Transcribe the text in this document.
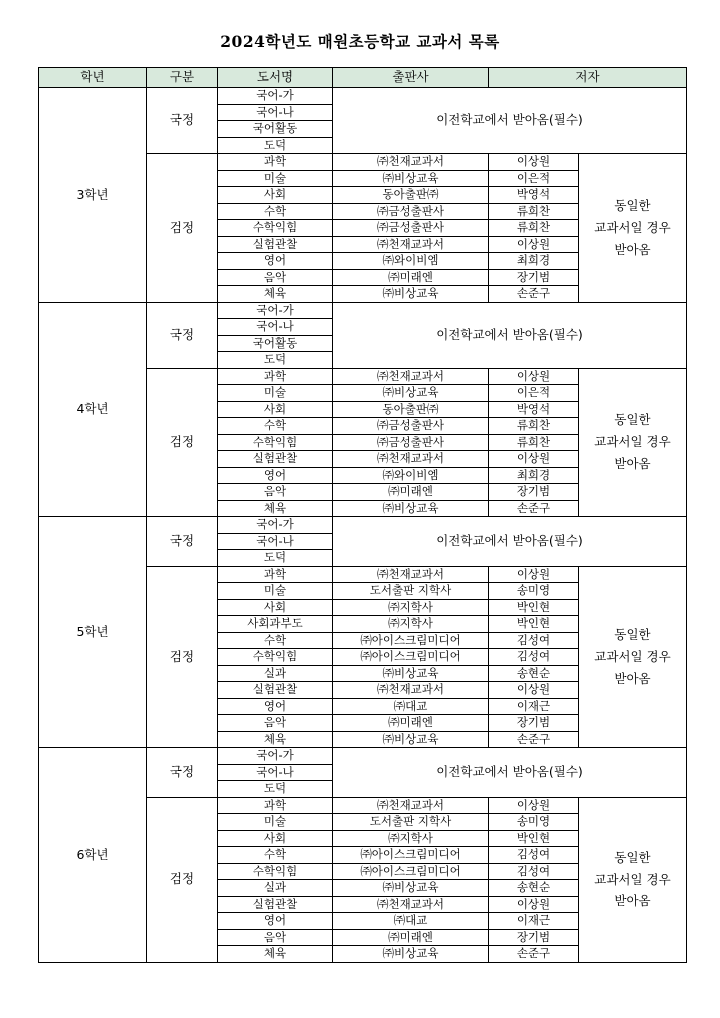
2024학년도 매원초등학교 교과서 목록
학년	구분	도서명	출판사	저자	
3학년	국정	국어-가	이전학교에서 받아옴(필수)		
		국어-나			
		국어활동			
		도덕			
	검정	과학	㈜천재교과서	이상원	동일한
교과서일 경우
받아옴

		미술	㈜비상교육	이은적	
		사회	동아출판㈜	박영석	
		수학	㈜금성출판사	류희찬	
		수학익힘	㈜금성출판사	류희찬	
		실험관찰	㈜천재교과서	이상원	
		영어	㈜와이비엠	최희경	
		음악	㈜미래엔	장기범	
		체육	㈜비상교육	손준구	
4학년	국정	국어-가	이전학교에서 받아옴(필수)		
		국어-나			
		국어활동			
		도덕			
	검정	과학	㈜천재교과서	이상원	동일한
교과서일 경우
받아옴

		미술	㈜비상교육	이은적	
		사회	동아출판㈜	박영석	
		수학	㈜금성출판사	류희찬	
		수학익힘	㈜금성출판사	류희찬	
		실험관찰	㈜천재교과서	이상원	
		영어	㈜와이비엠	최희경	
		음악	㈜미래엔	장기범	
		체육	㈜비상교육	손준구	
5학년	국정	국어-가	이전학교에서 받아옴(필수)		
		국어-나			
		도덕			
	검정	과학	㈜천재교과서	이상원	동일한
교과서일 경우
받아옴

		미술	도서출판 지학사	송미영	
		사회	㈜지학사	박인현	
		사회과부도	㈜지학사	박인현	
		수학	㈜아이스크림미디어	김성여	
		수학익힘	㈜아이스크림미디어	김성여	
		실과	㈜비상교육	송현순	
		실험관찰	㈜천재교과서	이상원	
		영어	㈜대교	이재근	
		음악	㈜미래엔	장기범	
		체육	㈜비상교육	손준구	
6학년	국정	국어-가	이전학교에서 받아옴(필수)		
		국어-나			
		도덕			
	검정	과학	㈜천재교과서	이상원	동일한
교과서일 경우
받아옴

		미술	도서출판 지학사	송미영	
		사회	㈜지학사	박인현	
		수학	㈜아이스크림미디어	김성여	
		수학익힘	㈜아이스크림미디어	김성여	
		실과	㈜비상교육	송현순	
		실험관찰	㈜천재교과서	이상원	
		영어	㈜대교	이재근	
		음악	㈜미래엔	장기범	
		체육	㈜비상교육	손준구	
